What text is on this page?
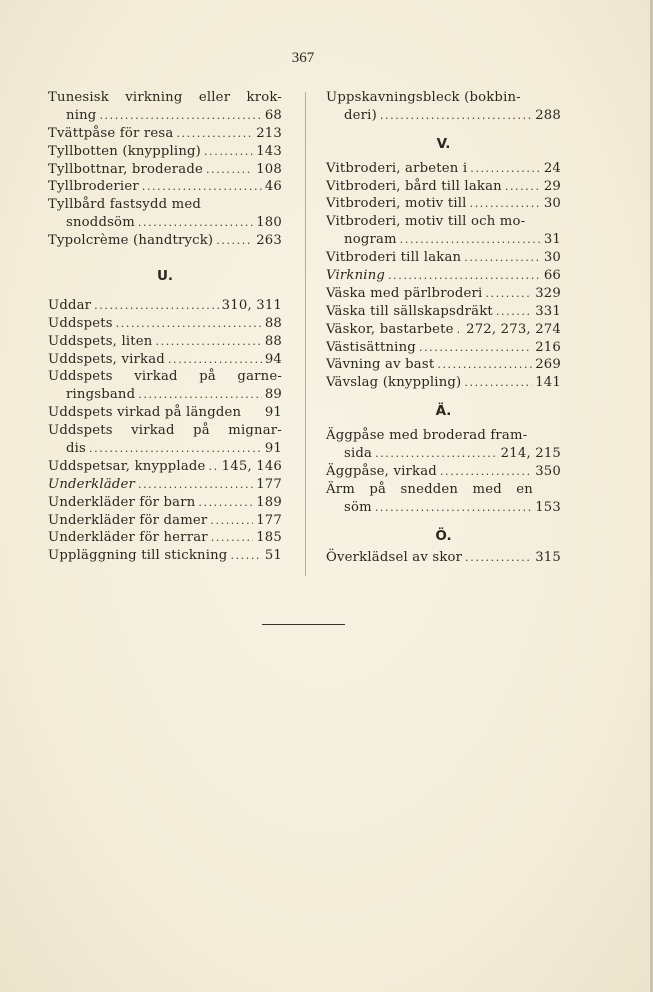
367
Tunesisk virkning eller krok-
ning .....	68
Tvättpåse för resa .....	213
Tyllbotten (knyppling) .....	143
Tyllbottnar, broderade .....	108
Tyllbroderier .....	46
Tyllbård fastsydd med
snoddsöm .....	180
Typolcrème (handtryck) .....	263
U.
Uddar .....	310, 311
Uddspets .....	88
Uddspets, liten .....	88
Uddspets, virkad .....	94
Uddspets virkad på garne-
ringsband .....	89
Uddspets virkad på längden 91
Uddspets virkad på mignar-
dis .....	91
Uddspetsar, knypplade ..... 145, 146
Underkläder .....	177
Underkläder för barn .....	189
Underkläder för damer .....	177
Underkläder för herrar .....	185
Uppläggning till stickning .....	51
Uppskavningsbleck (bokbin-
deri) .....	288
V.
Vitbroderi, arbeten i .....	24
Vitbroderi, bård till lakan .....	29
Vitbroderi, motiv till .....	30
Vitbroderi, motiv till och mo-
nogram .....	31
Vitbroderi till lakan .....	30
Virkning .....	66
Väska med pärlbroderi .....	329
Väska till sällskapsdräkt .....	331
Väskor, bastarbete ..... 272, 273, 274
Västisättning .....	216
Vävning av bast .....	269
Vävslag (knyppling) .....	141
Ä.
Äggpåse med broderad fram-
sida .....	214, 215
Äggpåse, virkad .....	350
Ärm på snedden med en
söm .....	153
Ö.
Överklädsel av skor .....	315
